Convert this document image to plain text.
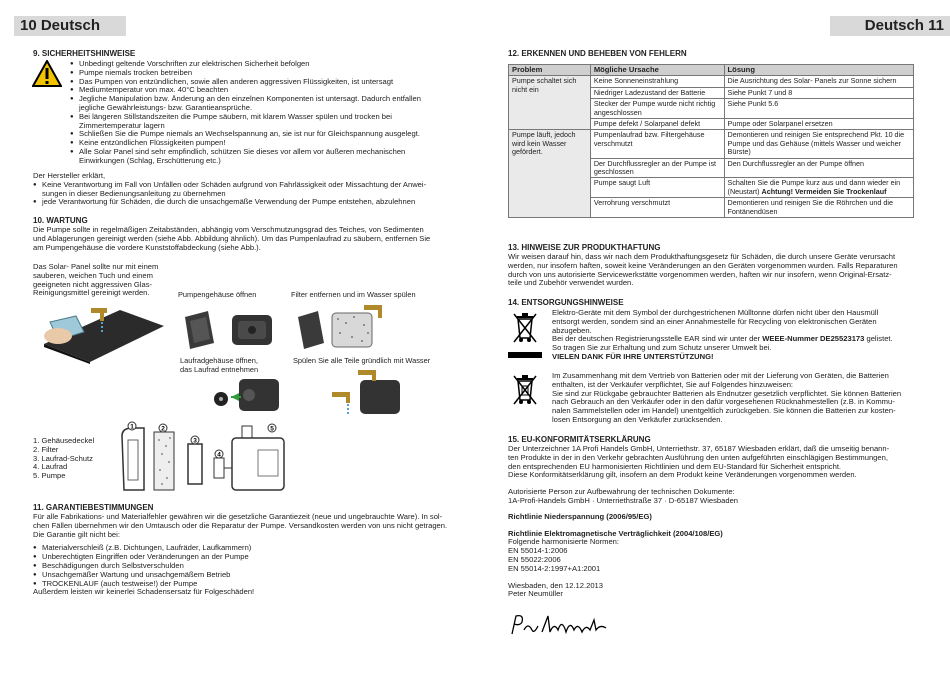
10 Deutsch
9. SICHERHEITSHINWEISE
● Unbedingt geltende Vorschriften zur elektrischen Sicherheit befolgen
● Pumpe niemals trocken betreiben
● Das Pumpen von entzündlichen, sowie allen anderen aggressiven Flüssigkeiten, ist untersagt
● Mediumtemperatur von max. 40°C beachten
● Jegliche Manipulation bzw. Änderung an den einzelnen Komponenten ist untersagt. Dadurch entfallen
jegliche Gewährleistungs- bzw. Garantieansprüche.
● Bei längeren Stillstandszeiten die Pumpe säubern, mit klarem Wasser spülen und trocken bei
Zimmertemperatur lagern
● Schließen Sie die Pumpe niemals an Wechselspannung an, sie ist nur für Gleichspannung ausgelegt.
● Keine entzündlichen Flüssigkeiten pumpen!
● Alle Solar Panel sind sehr empfindlich, schützen Sie dieses vor allem vor äußeren mechanischen
Einwirkungen (Schlag, Erschütterung etc.)
Der Hersteller erklärt,
● Keine Verantwortung im Fall von Unfällen oder Schäden aufgrund von Fahrlässigkeit oder Missachtung der Anwei-
sungen in dieser Bedienungsanleitung zu übernehmen
● jede Verantwortung für Schäden, die durch die unsachgemäße Verwendung der Pumpe entstehen, abzulehnen
10. WARTUNG
Die Pumpe sollte in regelmäßigen Zeitabständen, abhängig vom Verschmutzungsgrad des Teiches, von Sedimenten
und Ablagerungen gereinigt werden (siehe Abb. Abbildung ähnlich). Um das Pumpenlaufrad zu säubern, entfernen Sie
am Pumpengehäuse die vordere Kunststoffabdeckung (siehe Abb.).
Das Solar- Panel sollte nur mit einem
sauberen, weichen Tuch und einem
geeigneten nicht aggressiven Glas-
Reinigungsmittel gereinigt werden.	Pumpengehäuse öffnen	Filter entfernen und im Wasser spülen
Laufradgehäuse öffnen,
das Laufrad entnehmen
Spülen Sie alle Teile gründlich mit Wasser
1. Gehäusedeckel
2. Filter
3. Laufrad-Schutz
4. Laufrad
5. Pumpe
1	2
3
4
5
11. GARANTIEBESTIMMUNGEN
Für alle Fabrikations- und Materialfehler gewähren wir die gesetzliche Garantiezeit (neue und ungebrauchte Ware). In sol-
chen Fällen übernehmen wir den Umtausch oder die Reparatur der Pumpe. Versandkosten werden von uns nicht getragen.
Die Garantie gilt nicht bei:
● Materialverschleiß (z.B. Dichtungen, Laufräder, Laufkammern)
● Unberechtigten Eingriffen oder Veränderungen an der Pumpe
● Beschädigungen durch Selbstverschulden
● Unsachgemäßer Wartung und unsachgemäßem Betrieb
● TROCKENLAUF (auch testweise!) der Pumpe
Außerdem leisten wir keinerlei Schadensersatz für Folgeschäden!
Deutsch 11
12. ERKENNEN UND BEHEBEN VON FEHLERN
Problem	Mögliche Ursache	Lösung
Pumpe schaltet sich nicht ein	Keine Sonneneinstrahlung	Die Ausrichtung des Solar- Panels zur Sonne sichern
	Niedriger Ladezustand der Batterie	Siehe Punkt 7 und 8
	Stecker der Pumpe wurde nicht richtig angeschlossen	Siehe Punkt 5.6
	Pumpe defekt / Solarpanel defekt	Pumpe oder Solarpanel ersetzen
Pumpe läuft, jedoch wird kein Wasser gefördert.	Pumpenlaufrad bzw. Filtergehäuse verschmutzt	Demontieren und reinigen Sie entsprechend Pkt. 10 die Pumpe und das Gehäuse (mittels Wasser und weicher Bürste)
	Der Durchflussregler an der Pumpe ist geschlossen	Den Durchflussregler an der Pumpe öffnen
	Pumpe saugt Luft	Schalten Sie die Pumpe kurz aus und dann wieder ein (Neustart) Achtung! Vermeiden Sie Trockenlauf
	Verrohrung verschmutzt	Demontieren und reinigen Sie die Röhrchen und die Fontänendüsen
13. HINWEISE ZUR PRODUKTHAFTUNG
Wir weisen darauf hin, dass wir nach dem Produkthaftungsgesetz für Schäden, die durch unsere Geräte verursacht
werden, nur insofern haften, soweit keine Veränderungen an den Geräten vorgenommen wurden. Falls Reparaturen
durch von uns autorisierte Servicewerkstätte vorgenommen werden, haften wir nur insofern, wenn Original-Ersatz-
teile und Zubehör verwendet wurden.
14. ENTSORGUNGSHINWEISE
Elektro-Geräte mit dem Symbol der durchgestrichenen Mülltonne dürfen nicht über den Hausmüll
entsorgt werden, sondern sind an einer Annahmestelle für Recycling von elektronischen Geräten
abzugeben.
Bei der deutschen Registrierungsstelle EAR sind wir unter der WEEE-Nummer DE25523173 gelistet.
So tragen Sie zur Erhaltung und zum Schutz unserer Umwelt bei.
VIELEN DANK FÜR IHRE UNTERSTÜTZUNG!
Im Zusammenhang mit dem Vertrieb von Batterien oder mit der Lieferung von Geräten, die Batterien
enthalten, ist der Verkäufer verpflichtet, Sie auf Folgendes hinzuweisen:
Sie sind zur Rückgabe gebrauchter Batterien als Endnutzer gesetzlich verpflichtet. Sie können Batterien
nach Gebrauch an den Verkäufer oder in den dafür vorgesehenen Rücknahmestellen (z.B. in Kommu-
nalen Sammelstellen oder im Handel) unentgeltlich zurückgeben. Sie können die Batterien zur kosten-
losen Entsorgung an den Verkäufer zurücksenden.
15. EU-KONFORMITÄTSERKLÄRUNG
Der Unterzeichner 1A Profi Handels GmbH, Unterriethstr. 37, 65187 Wiesbaden erklärt, daß die umseitig benann-
ten Produkte in der in den Verkehr gebrachten Ausführung den unten aufgeführten einschlägigen Bestimmungen,
den entsprechenden EU harmonisierten Richtlinien und dem EU-Standard für Sicherheit entspricht.
Diese Konformitätserklärung gilt, insofern an dem Produkt keine Veränderungen vorgenommen werden.
Autorisierte Person zur Aufbewahrung der technischen Dokumente:
1A-Profi-Handels GmbH · Unterriethstraße 37 · D-65187 Wiesbaden
Richtlinie Niederspannung (2006/95/EG)
Richtlinie Elektromagnetische Verträglichkeit (2004/108/EG)
Folgende harmonisierte Normen:
EN 55014-1:2006
EN 55022:2006
EN 55014-2:1997+A1:2001
Wiesbaden, den 12.12.2013
Peter Neumüller
